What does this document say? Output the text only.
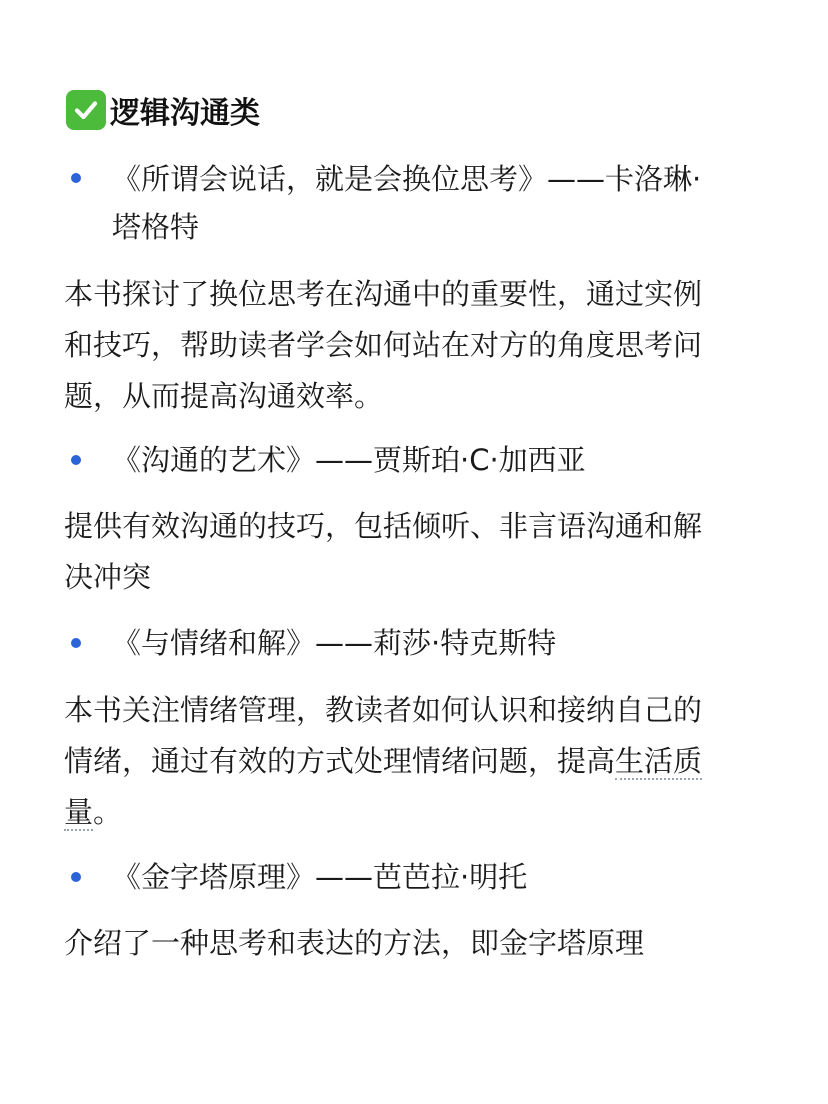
逻辑沟通类
《所谓会说话，就是会换位思考》——卡洛琳·
塔格特
本书探讨了换位思考在沟通中的重要性，通过实例
和技巧，帮助读者学会如何站在对方的角度思考问
题，从而提高沟通效率。
《沟通的艺术》——贾斯珀·C·加西亚
提供有效沟通的技巧，包括倾听、非言语沟通和解
决冲突
《与情绪和解》——莉莎·特克斯特
本书关注情绪管理，教读者如何认识和接纳自己的
情绪，通过有效的方式处理情绪问题，提高生活质
量。
《金字塔原理》——芭芭拉·明托
介绍了一种思考和表达的方法，即金字塔原理
